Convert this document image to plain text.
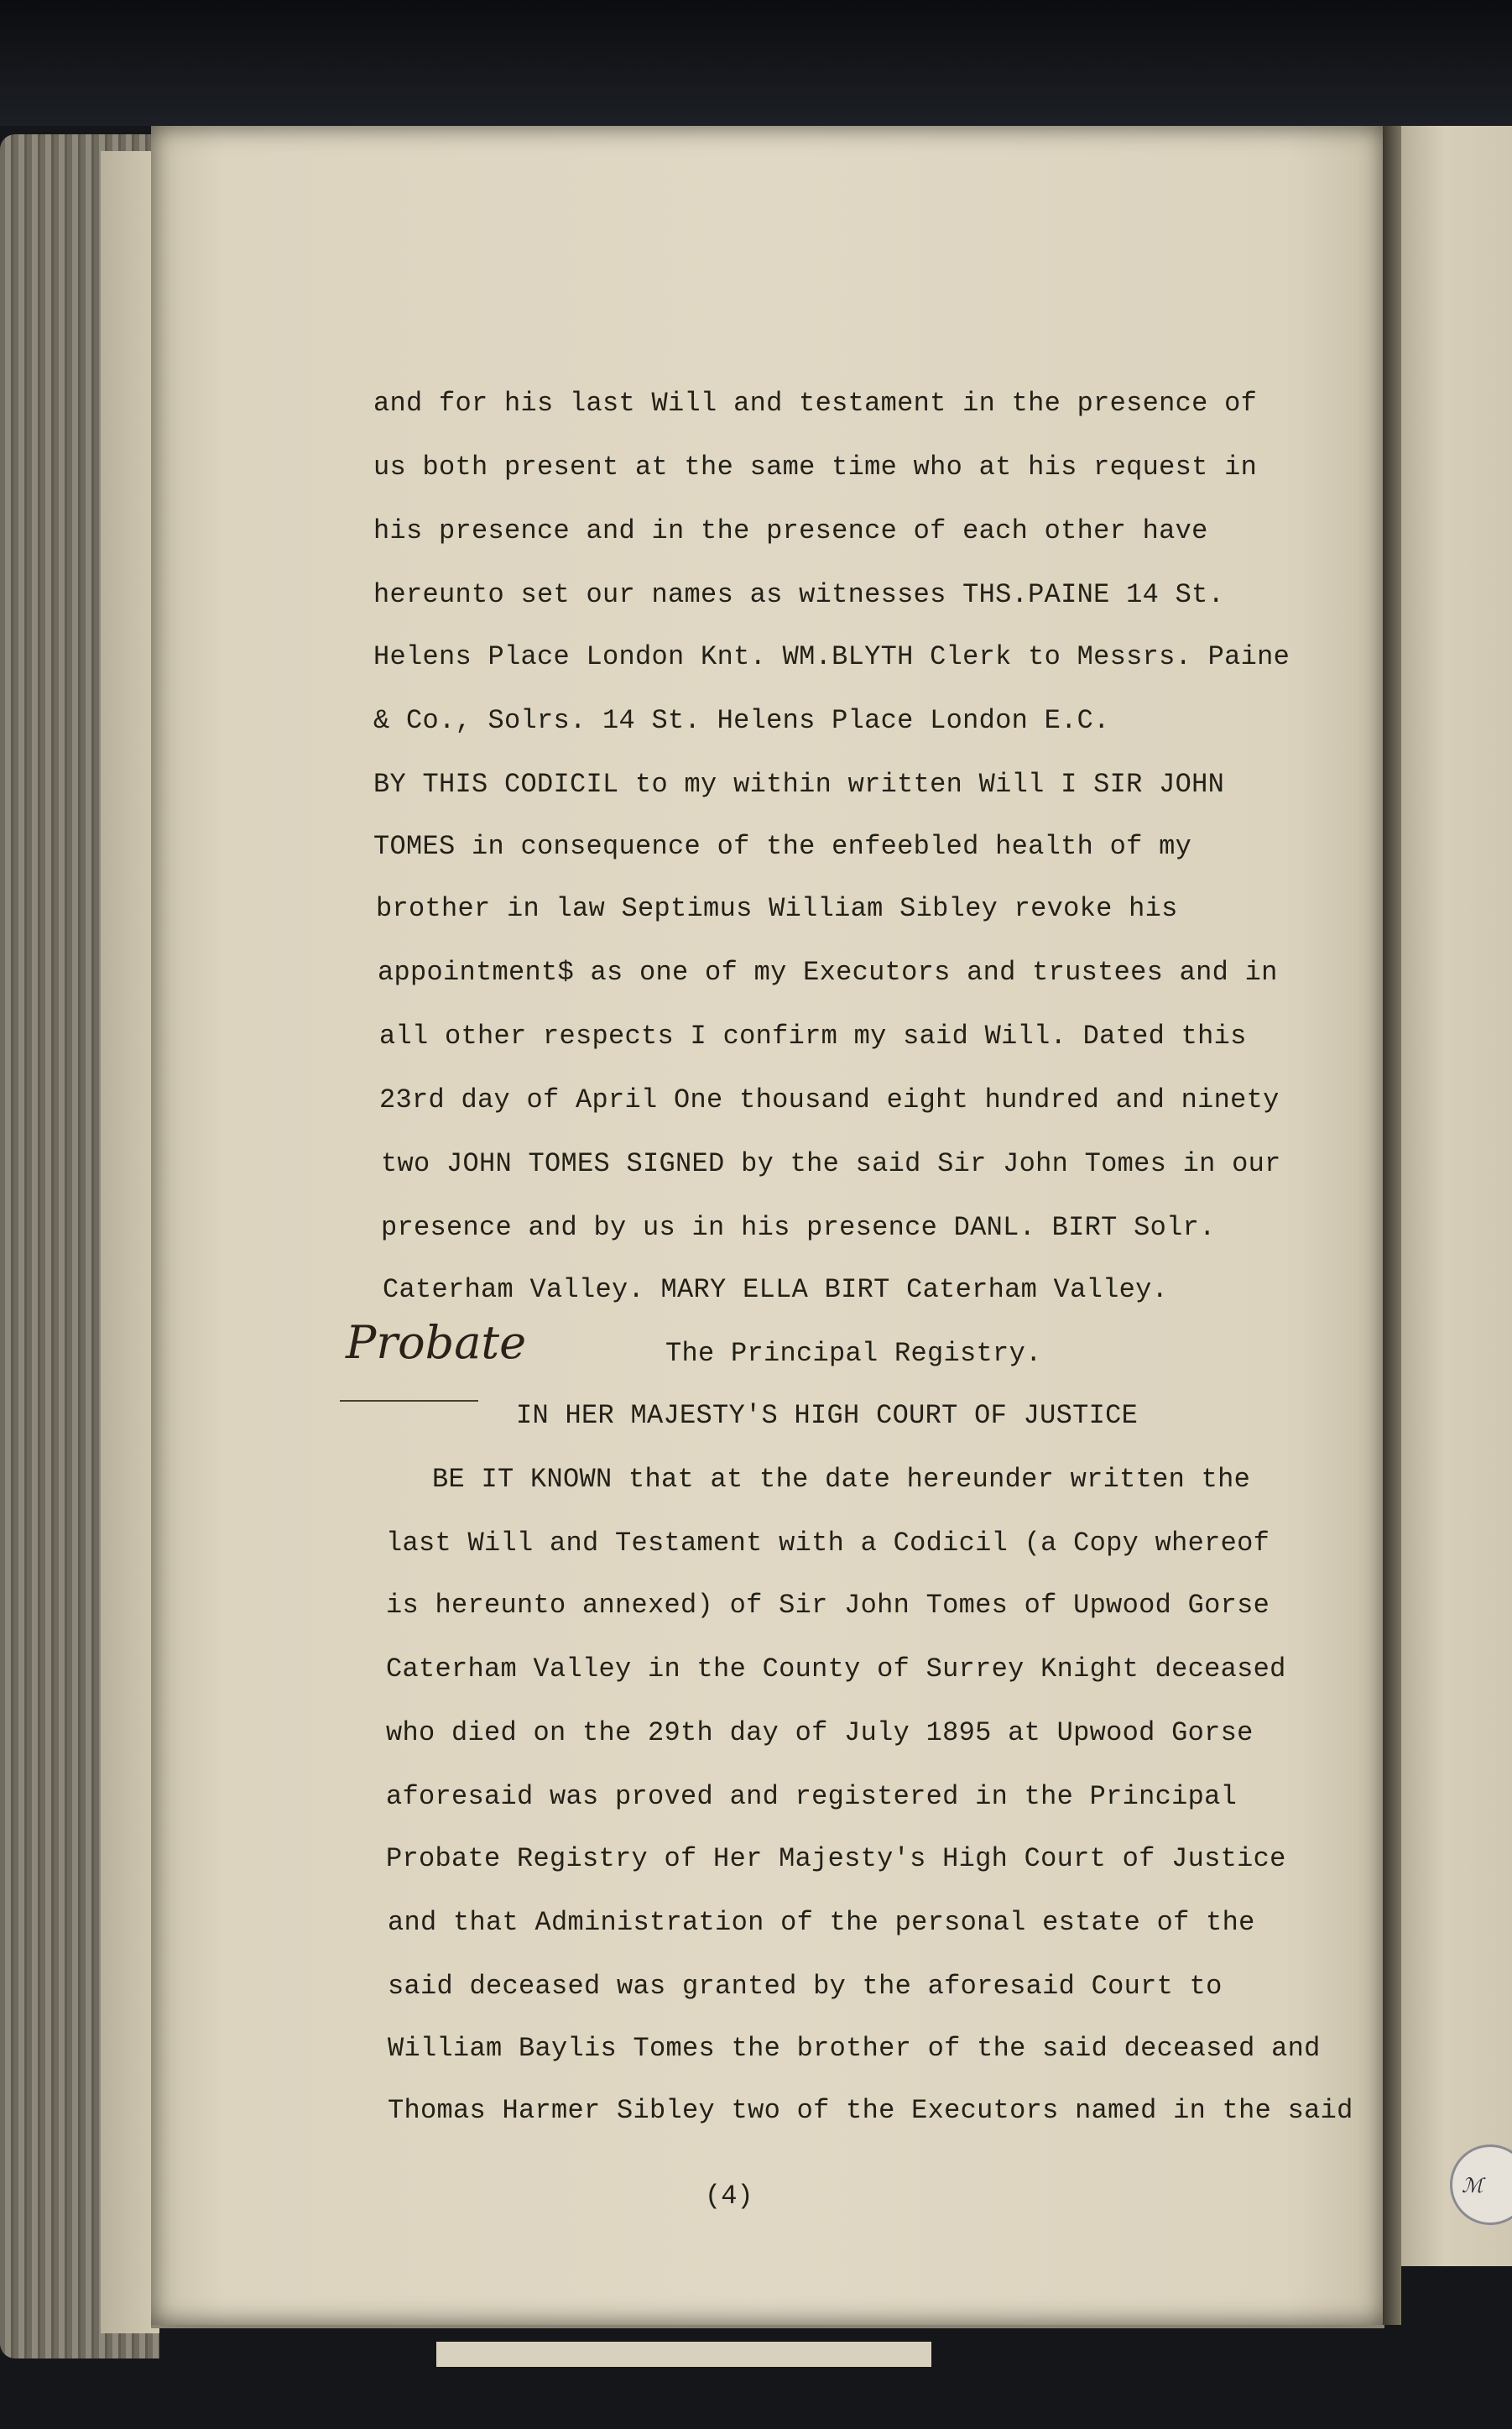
ℳ
and for his last Will and testament in the presence of
us both present at the same time who at his request in
his presence and in the presence of each other have
hereunto set our names as witnesses THS.PAINE 14 St.
Helens Place London Knt. WM.BLYTH Clerk to Messrs. Paine
& Co., Solrs. 14 St. Helens Place London E.C.
BY THIS CODICIL to my within written Will I SIR JOHN
TOMES in consequence of the enfeebled health of my
brother in law Septimus William Sibley revoke his
appointment$ as one of my Executors and trustees and in
all other respects I confirm my said Will. Dated this
23rd day of April One thousand eight hundred and ninety
two JOHN TOMES SIGNED by the said Sir John Tomes in our
presence and by us in his presence DANL. BIRT Solr.
Caterham Valley. MARY ELLA BIRT Caterham Valley.
Probate	The Principal Registry.
IN HER MAJESTY'S HIGH COURT OF JUSTICE
BE IT KNOWN that at the date hereunder written the
last Will and Testament with a Codicil (a Copy whereof
is hereunto annexed) of Sir John Tomes of Upwood Gorse
Caterham Valley in the County of Surrey Knight deceased
who died on the 29th day of July 1895 at Upwood Gorse
aforesaid was proved and registered in the Principal
Probate Registry of Her Majesty's High Court of Justice
and that Administration of the personal estate of the
said deceased was granted by the aforesaid Court to
William Baylis Tomes the brother of the said deceased and
Thomas Harmer Sibley two of the Executors named in the said
(4)
